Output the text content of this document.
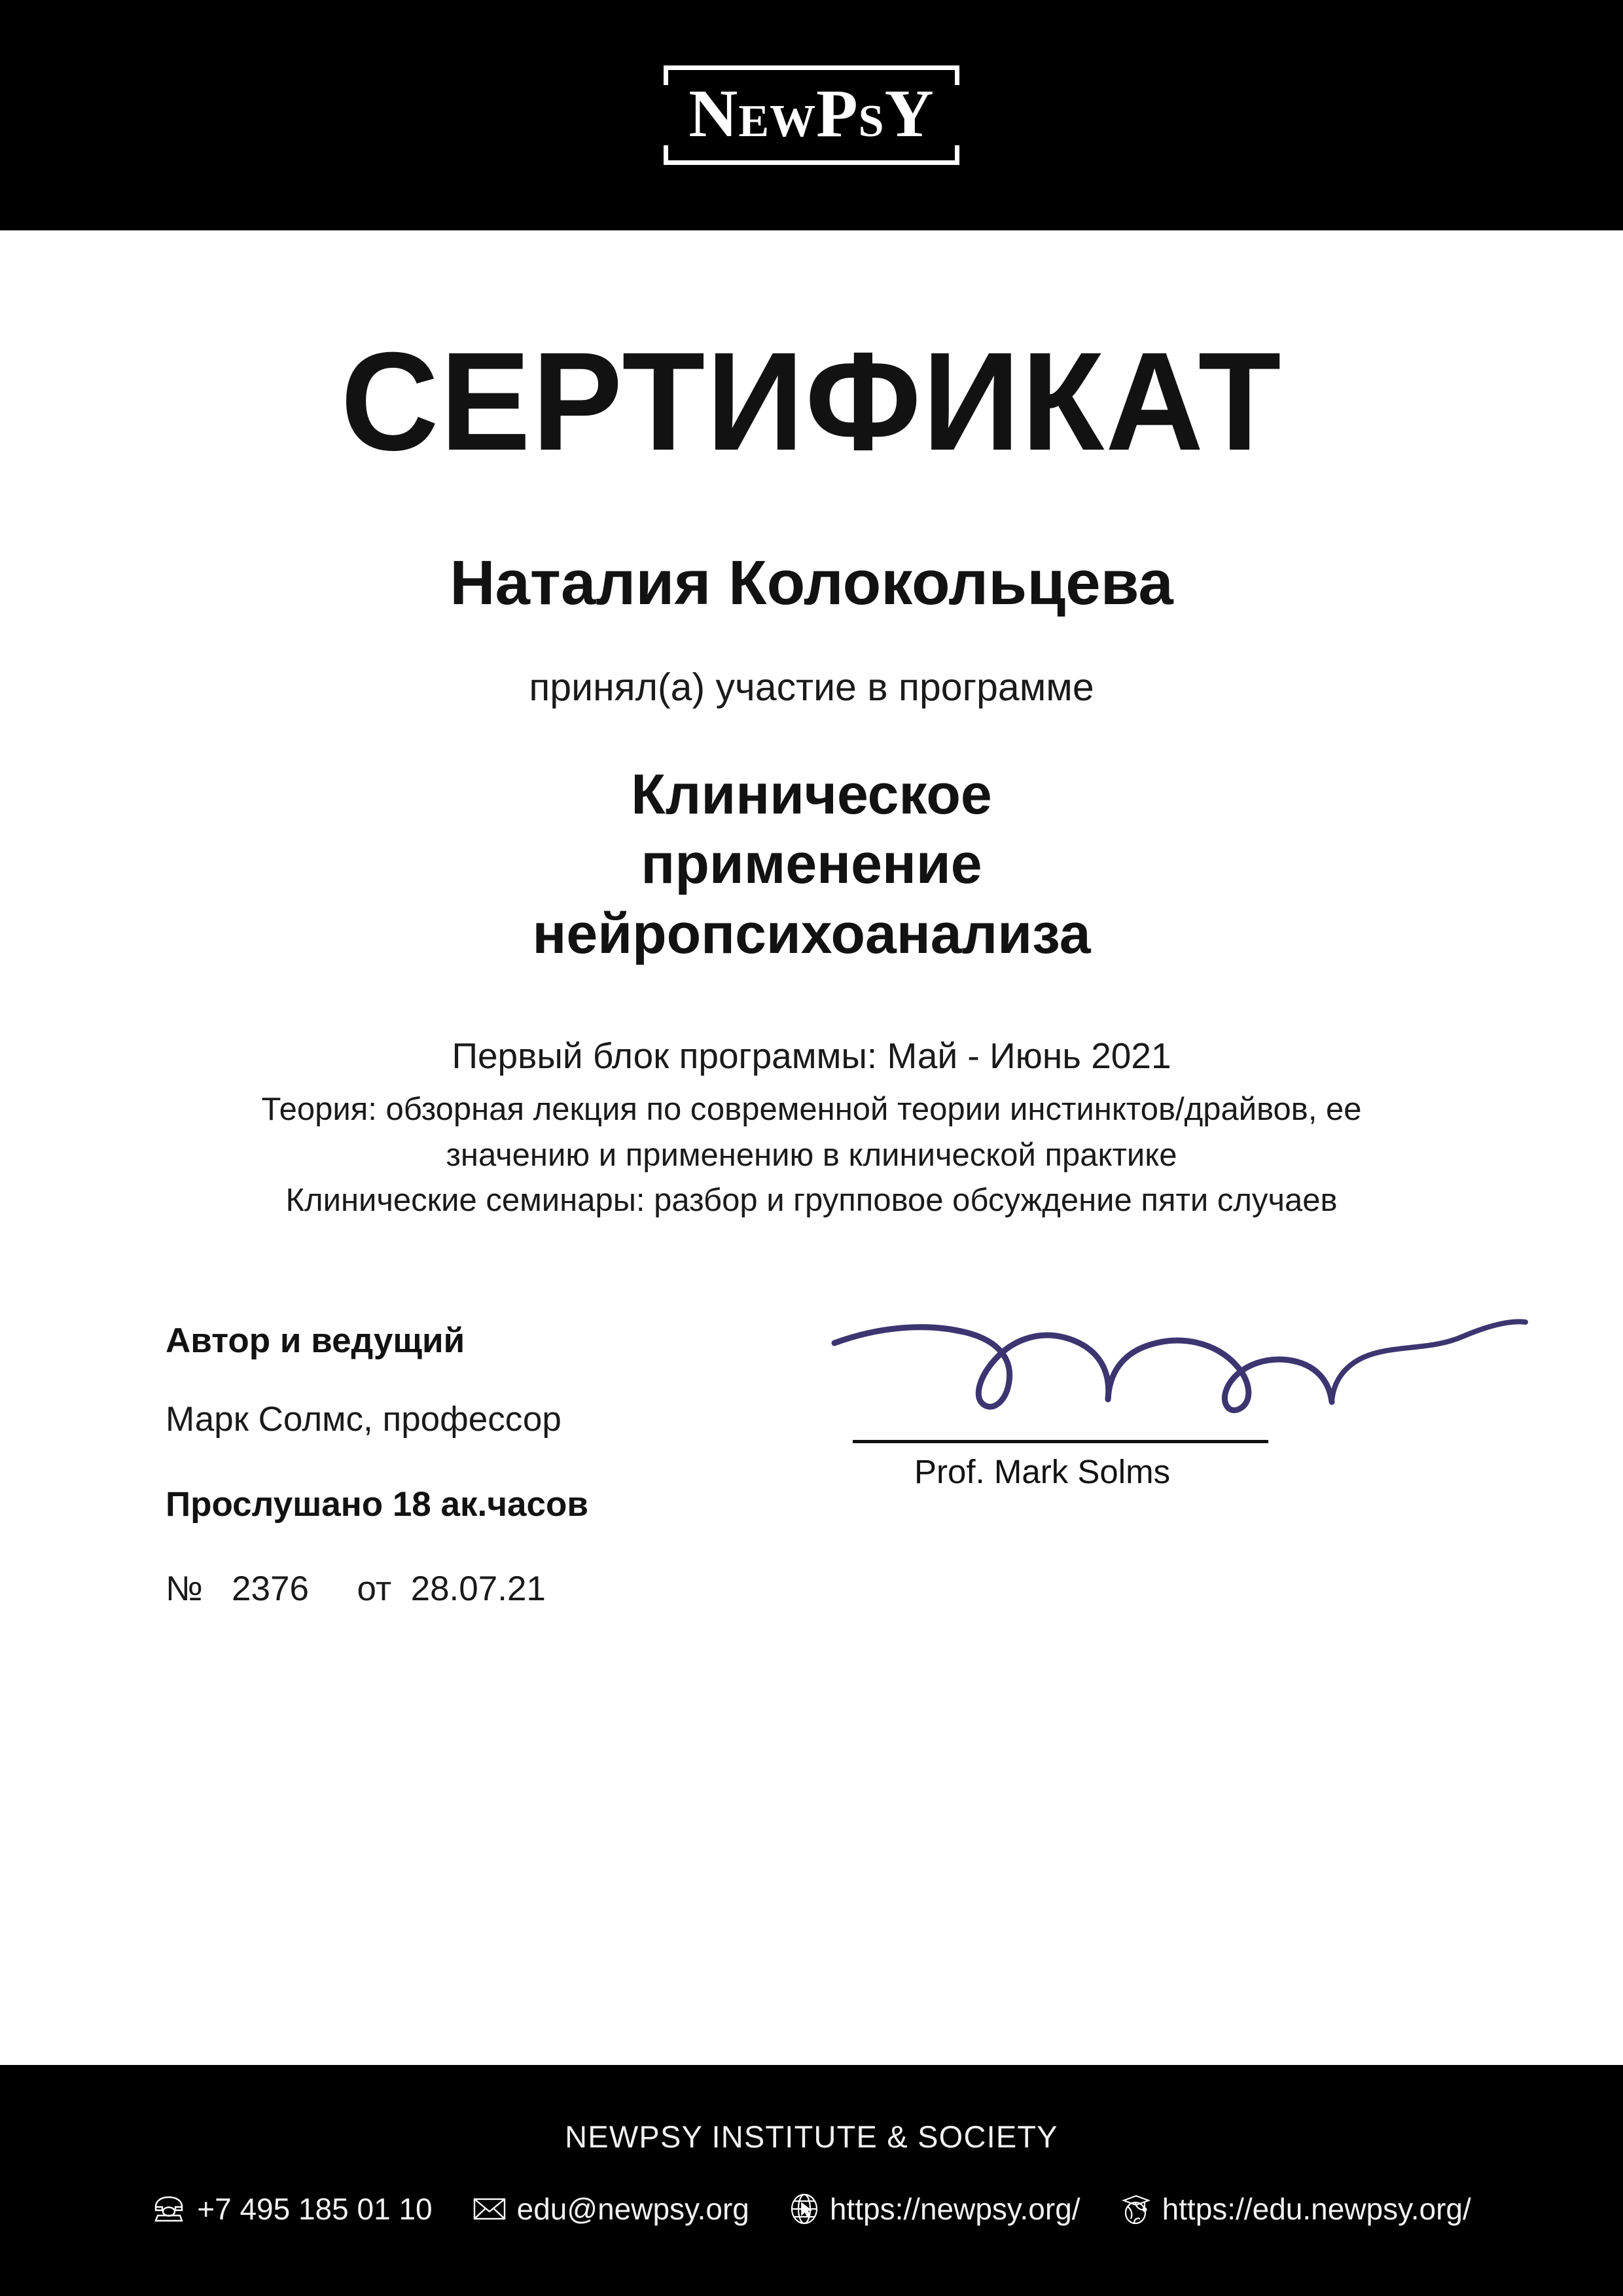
NEWPSY
СЕРТИФИКАТ
Наталия Колокольцева
принял(а) участие в программе
Клиническое
применение
нейропсихоанализа
Первый блок программы: Май - Июнь 2021
Теория: обзорная лекция по современной теории инстинктов/драйвов, ее
значению и применению в клинической практике
Клинические семинары: разбор и групповое обсуждение пяти случаев
Автор и ведущий
Марк Солмс, профессор
Прослушано 18 ак.часов
№   2376     от  28.07.21
Prof. Mark Solms
NEWPSY INSTITUTE & SOCIETY
+7 495 185 01 10	edu@newpsy.org	https://newpsy.org/	https://edu.newpsy.org/
